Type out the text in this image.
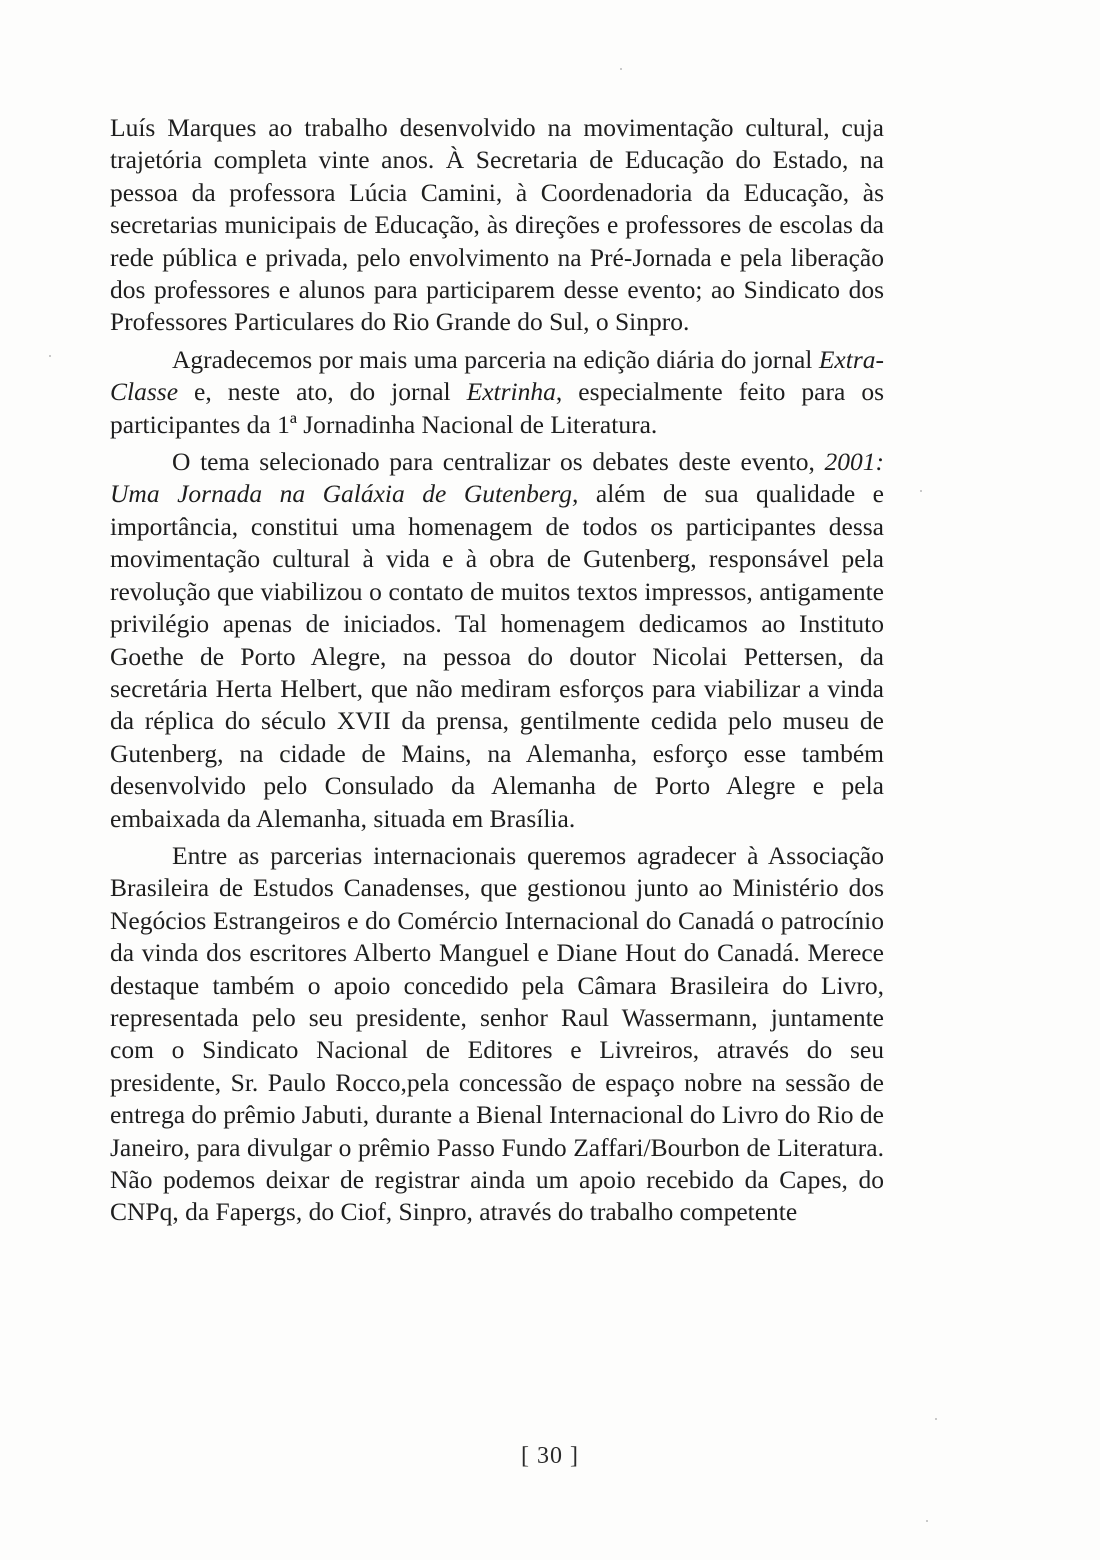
Luís Marques ao trabalho desenvolvido na movimentação cultural, cuja trajetória completa vinte anos. À Secretaria de Educação do Estado, na pessoa da professora Lúcia Camini, à Coordenadoria da Educação, às secretarias municipais de Educação, às direções e professores de escolas da rede pública e privada, pelo envolvimento na Pré-Jornada e pela liberação dos professores e alunos para participarem desse evento; ao Sindicato dos Professores Particulares do Rio Grande do Sul, o Sinpro.

Agradecemos por mais uma parceria na edição diária do jornal Extra-Classe e, neste ato, do jornal Extrinha, especialmente feito para os participantes da 1ª Jornadinha Nacional de Literatura.

O tema selecionado para centralizar os debates deste evento, 2001: Uma Jornada na Galáxia de Gutenberg, além de sua qualidade e importância, constitui uma homenagem de todos os participantes dessa movimentação cultural à vida e à obra de Gutenberg, responsável pela revolução que viabilizou o contato de muitos textos impressos, antigamente privilégio apenas de iniciados. Tal homenagem dedicamos ao Instituto Goethe de Porto Alegre, na pessoa do doutor Nicolai Pettersen, da secretária Herta Helbert, que não mediram esforços para viabilizar a vinda da réplica do século XVII da prensa, gentilmente cedida pelo museu de Gutenberg, na cidade de Mains, na Alemanha, esforço esse também desenvolvido pelo Consulado da Alemanha de Porto Alegre e pela embaixada da Alemanha, situada em Brasília.

Entre as parcerias internacionais queremos agradecer à Associação Brasileira de Estudos Canadenses, que gestionou junto ao Ministério dos Negócios Estrangeiros e do Comércio Internacional do Canadá o patrocínio da vinda dos escritores Alberto Manguel e Diane Hout do Canadá. Merece destaque também o apoio concedido pela Câmara Brasileira do Livro, representada pelo seu presidente, senhor Raul Wassermann, juntamente com o Sindicato Nacional de Editores e Livreiros, através do seu presidente, Sr. Paulo Rocco,pela concessão de espaço nobre na sessão de entrega do prêmio Jabuti, durante a Bienal Internacional do Livro do Rio de Janeiro, para divulgar o prêmio Passo Fundo Zaffari/Bourbon de Literatura. Não podemos deixar de registrar ainda um apoio recebido da Capes, do CNPq, da Fapergs, do Ciof, Sinpro, através do trabalho competente

[ 30 ]
